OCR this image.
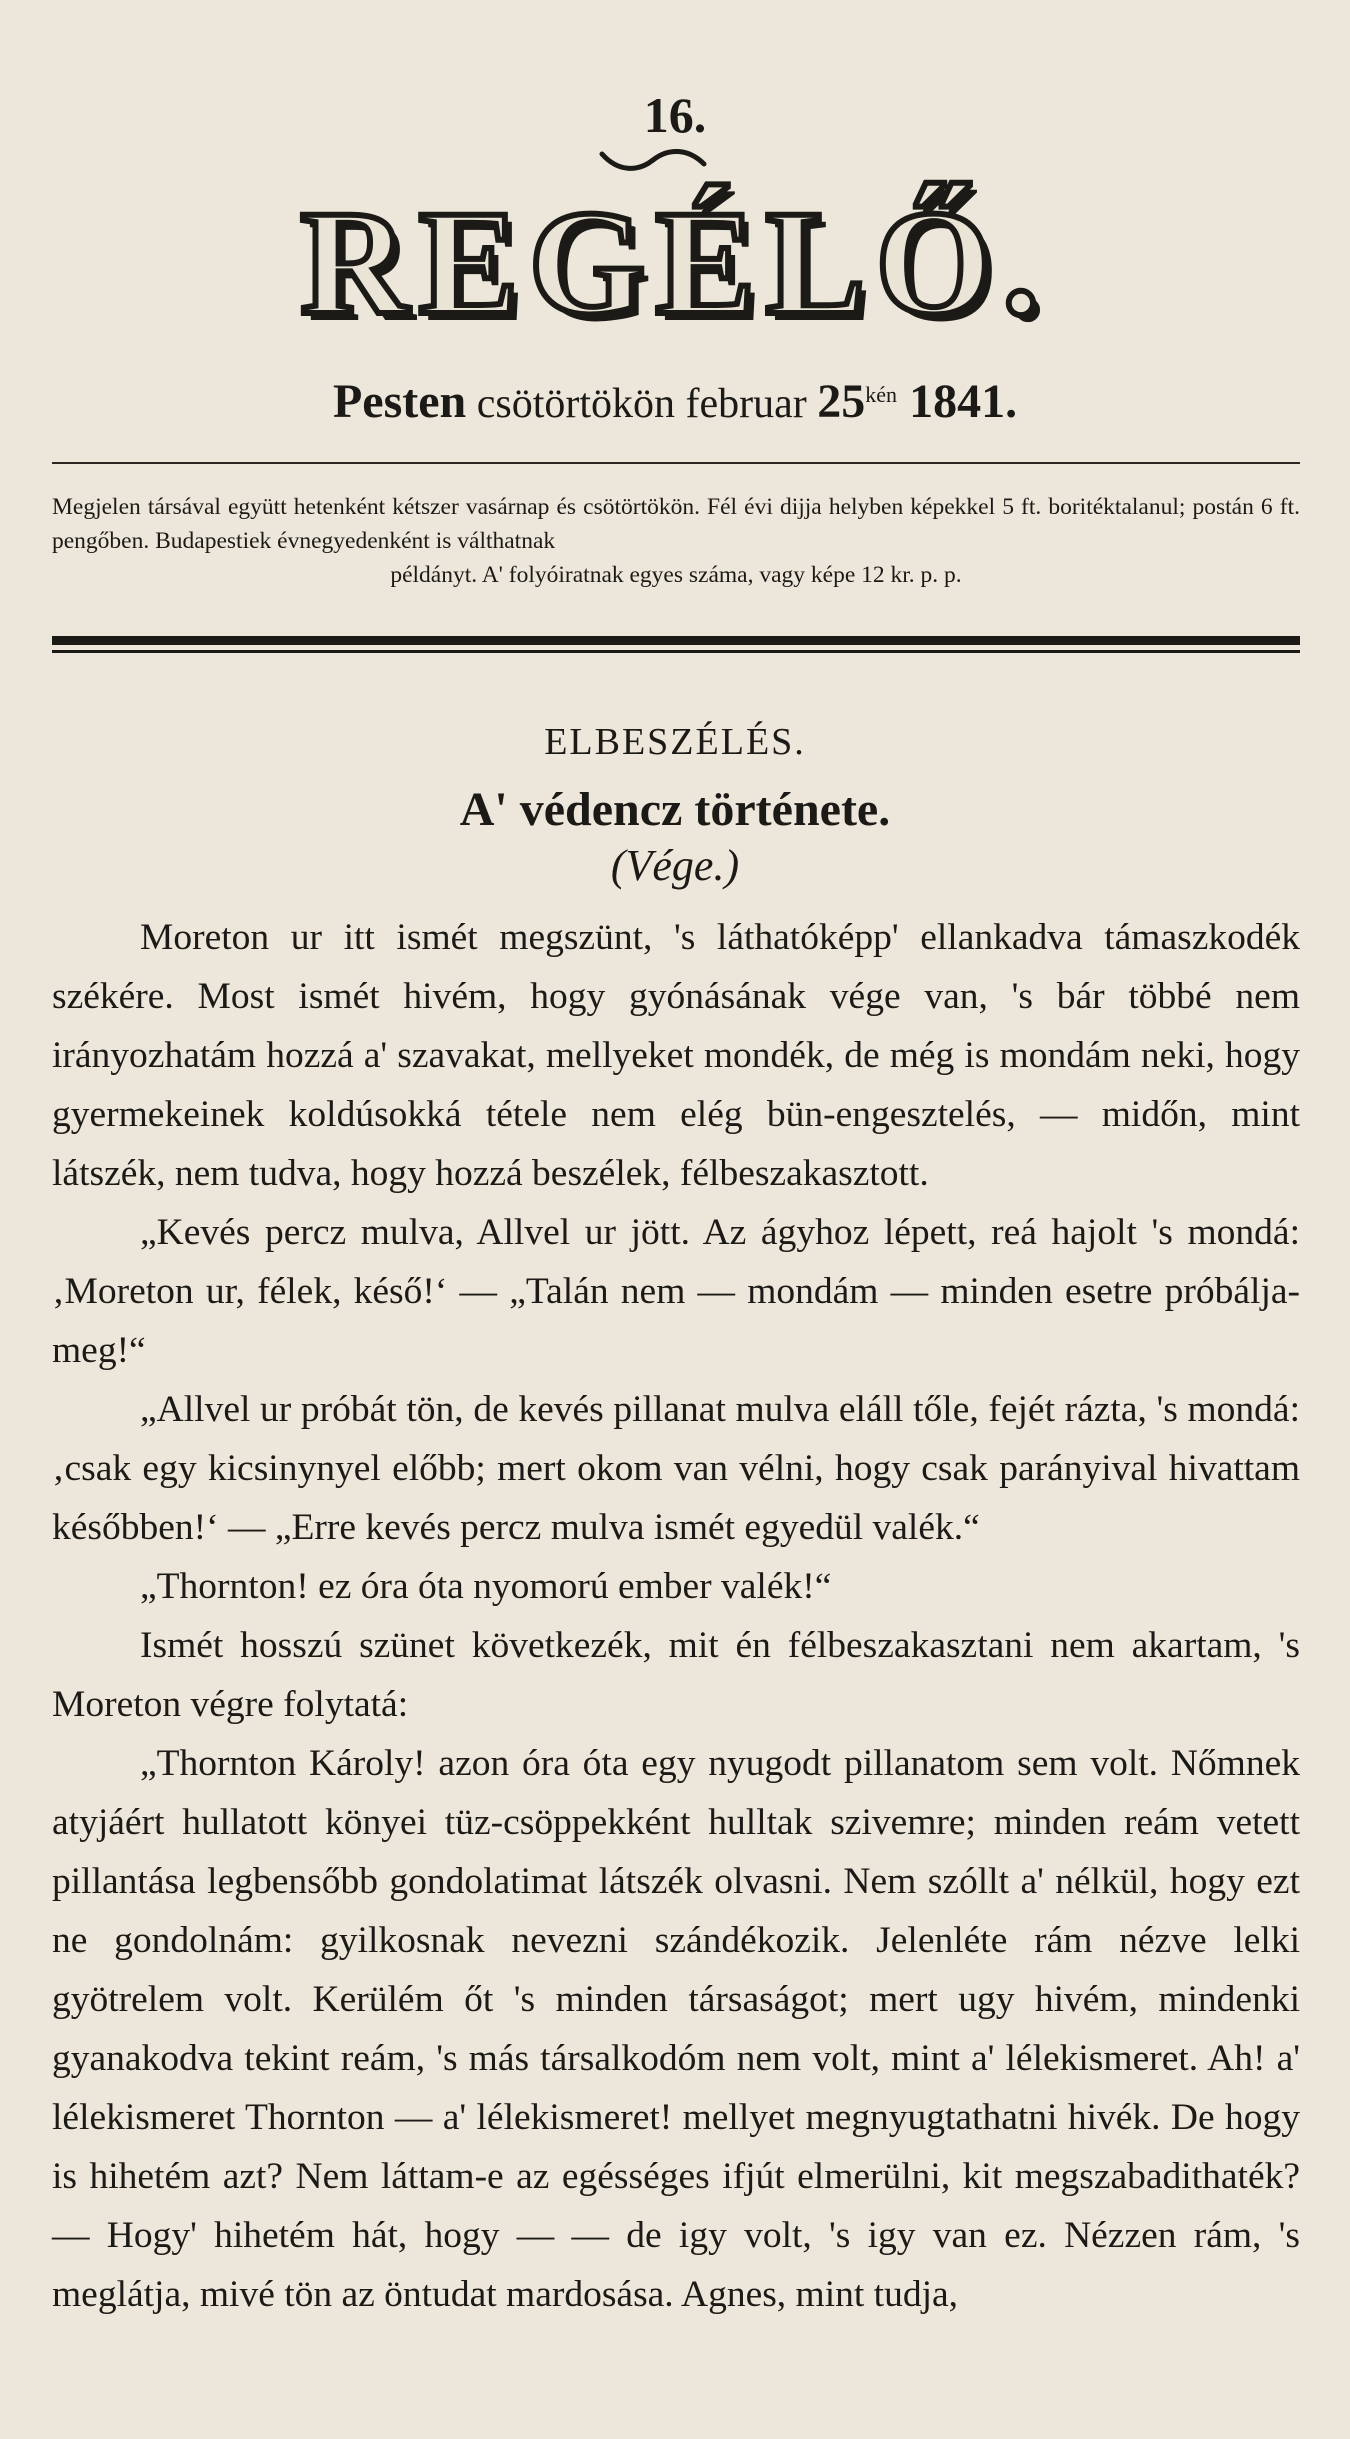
16.
REGÉLŐ.
Pesten csötörtökön februar $25^{kén}$ 1841.
Megjelen társával együtt hetenként kétszer vasárnap és csötörtökön. Fél évi dijja helyben képekkel 5 ft. boritéktalanul; postán 6 ft. pengőben. Budapestiek évnegyedenként is válthatnak
példányt. A' folyóiratnak egyes száma, vagy képe 12 kr. p. p.
ELBESZÉLÉS.
A' védencz története.
(Vége.)

Moreton ur itt ismét megszünt, 's láthatóképp' ellankadva támaszkodék székére. Most ismét hivém, hogy gyónásának vége van, 's bár többé nem irányozhatám hozzá a' szavakat, mellyeket mondék, de még is mondám neki, hogy gyermekeinek koldúsokká tétele nem elég bün-engesztelés, — midőn, mint látszék, nem tudva, hogy hozzá beszélek, félbeszakasztott.

„Kevés percz mulva, Allvel ur jött. Az ágyhoz lépett, reá hajolt 's mondá: ‚Moreton ur, félek, késő!‘ — „Talán nem — mondám — minden esetre próbálja-meg!“

„Allvel ur próbát tön, de kevés pillanat mulva eláll tőle, fejét rázta, 's mondá: ‚csak egy kicsinynyel előbb; mert okom van vélni, hogy csak parányival hivattam későbben!‘ — „Erre kevés percz mulva ismét egyedül valék.“

„Thornton! ez óra óta nyomorú ember valék!“

Ismét hosszú szünet következék, mit én félbeszakasztani nem akartam, 's Moreton végre folytatá:

„Thornton Károly! azon óra óta egy nyugodt pillanatom sem volt. Nőmnek atyjáért hullatott könyei tüz-csöppekként hulltak szivemre; minden reám vetett pillantása legbensőbb gondolatimat látszék olvasni. Nem szóllt a' nélkül, hogy ezt ne gondolnám: gyilkosnak nevezni szándékozik. Jelenléte rám nézve lelki gyötrelem volt. Kerülém őt 's minden társaságot; mert ugy hivém, mindenki gyanakodva tekint reám, 's más társalkodóm nem volt, mint a' lélekismeret. Ah! a' lélekismeret Thornton — a' lélekismeret! mellyet megnyugtathatni hivék. De hogy is hihetém azt? Nem láttam-e az egésséges ifjút elmerülni, kit megszabadithaték? — Hogy' hihetém hát, hogy — — de igy volt, 's igy van ez. Nézzen rám, 's meglátja, mivé tön az öntudat mardosása. Agnes, mint tudja,
